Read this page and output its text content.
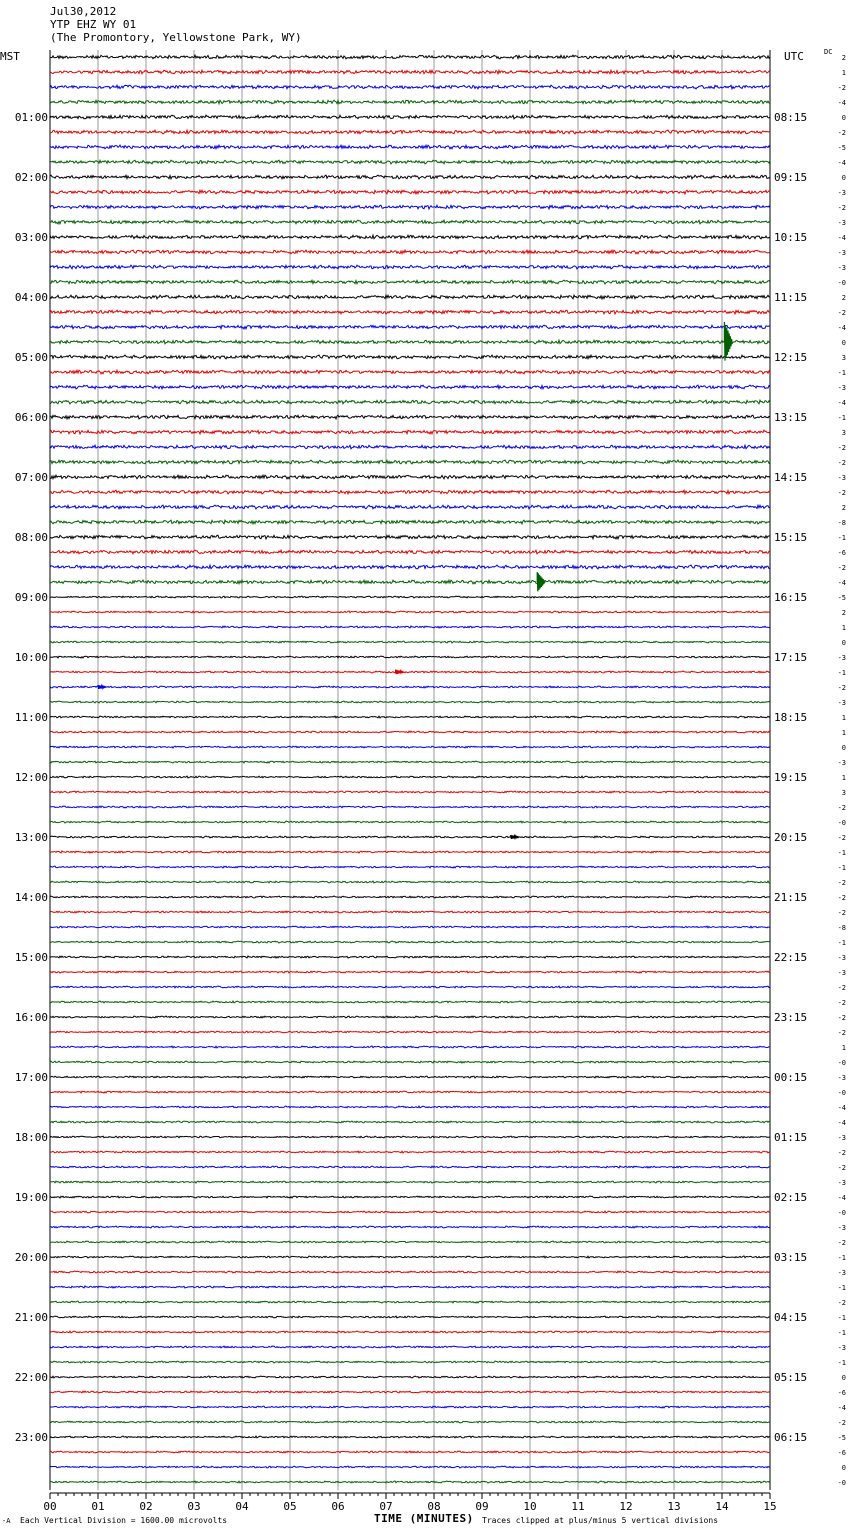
Jul30,2012
YTP EHZ WY 01
(The Promontory, Yellowstone Park, WY)
MST	UTC	DC
00	01	02	03	04	05	06	07	08	09	10	11	12	13	14	15
01:00
02:00
03:00
04:00
05:00
06:00
07:00
08:00
09:00
10:00
11:00
12:00
13:00
14:00
15:00
16:00
17:00
18:00
19:00
20:00
21:00
22:00
23:00
08:15
09:15
10:15
11:15
12:15
13:15
14:15
15:15
16:15
17:15
18:15
19:15
20:15
21:15
22:15
23:15
00:15
01:15
02:15
03:15
04:15
05:15
06:15
2
1
-2
-4
0
-2
-5
-4
0
-3
-2
-3
-4
-3
-3
-0
2
-2
-4
0
3
-1
-3
-4
-1
3
-2
-2
-3
-2
2
-8
-1
-6
-2
-4
-5
2
1
0
-3
-1
-2
-3
1
1
0
-3
1
3
-2
-0
-2
-1
-1
-2
-2
-2
-8
-1
-3
-3
-2
-2
-2
-2
1
-0
-3
-0
-4
-4
-3
-2
-2
-3
-4
-0
-3
-2
-1
-3
-1
-2
-1
-1
-3
-1
0
-6
-4
-2
-5
-6
0
-0
TIME (MINUTES)
-A Each Vertical Division = 1600.00 microvolts	Traces clipped at plus/minus 5 vertical divisions
